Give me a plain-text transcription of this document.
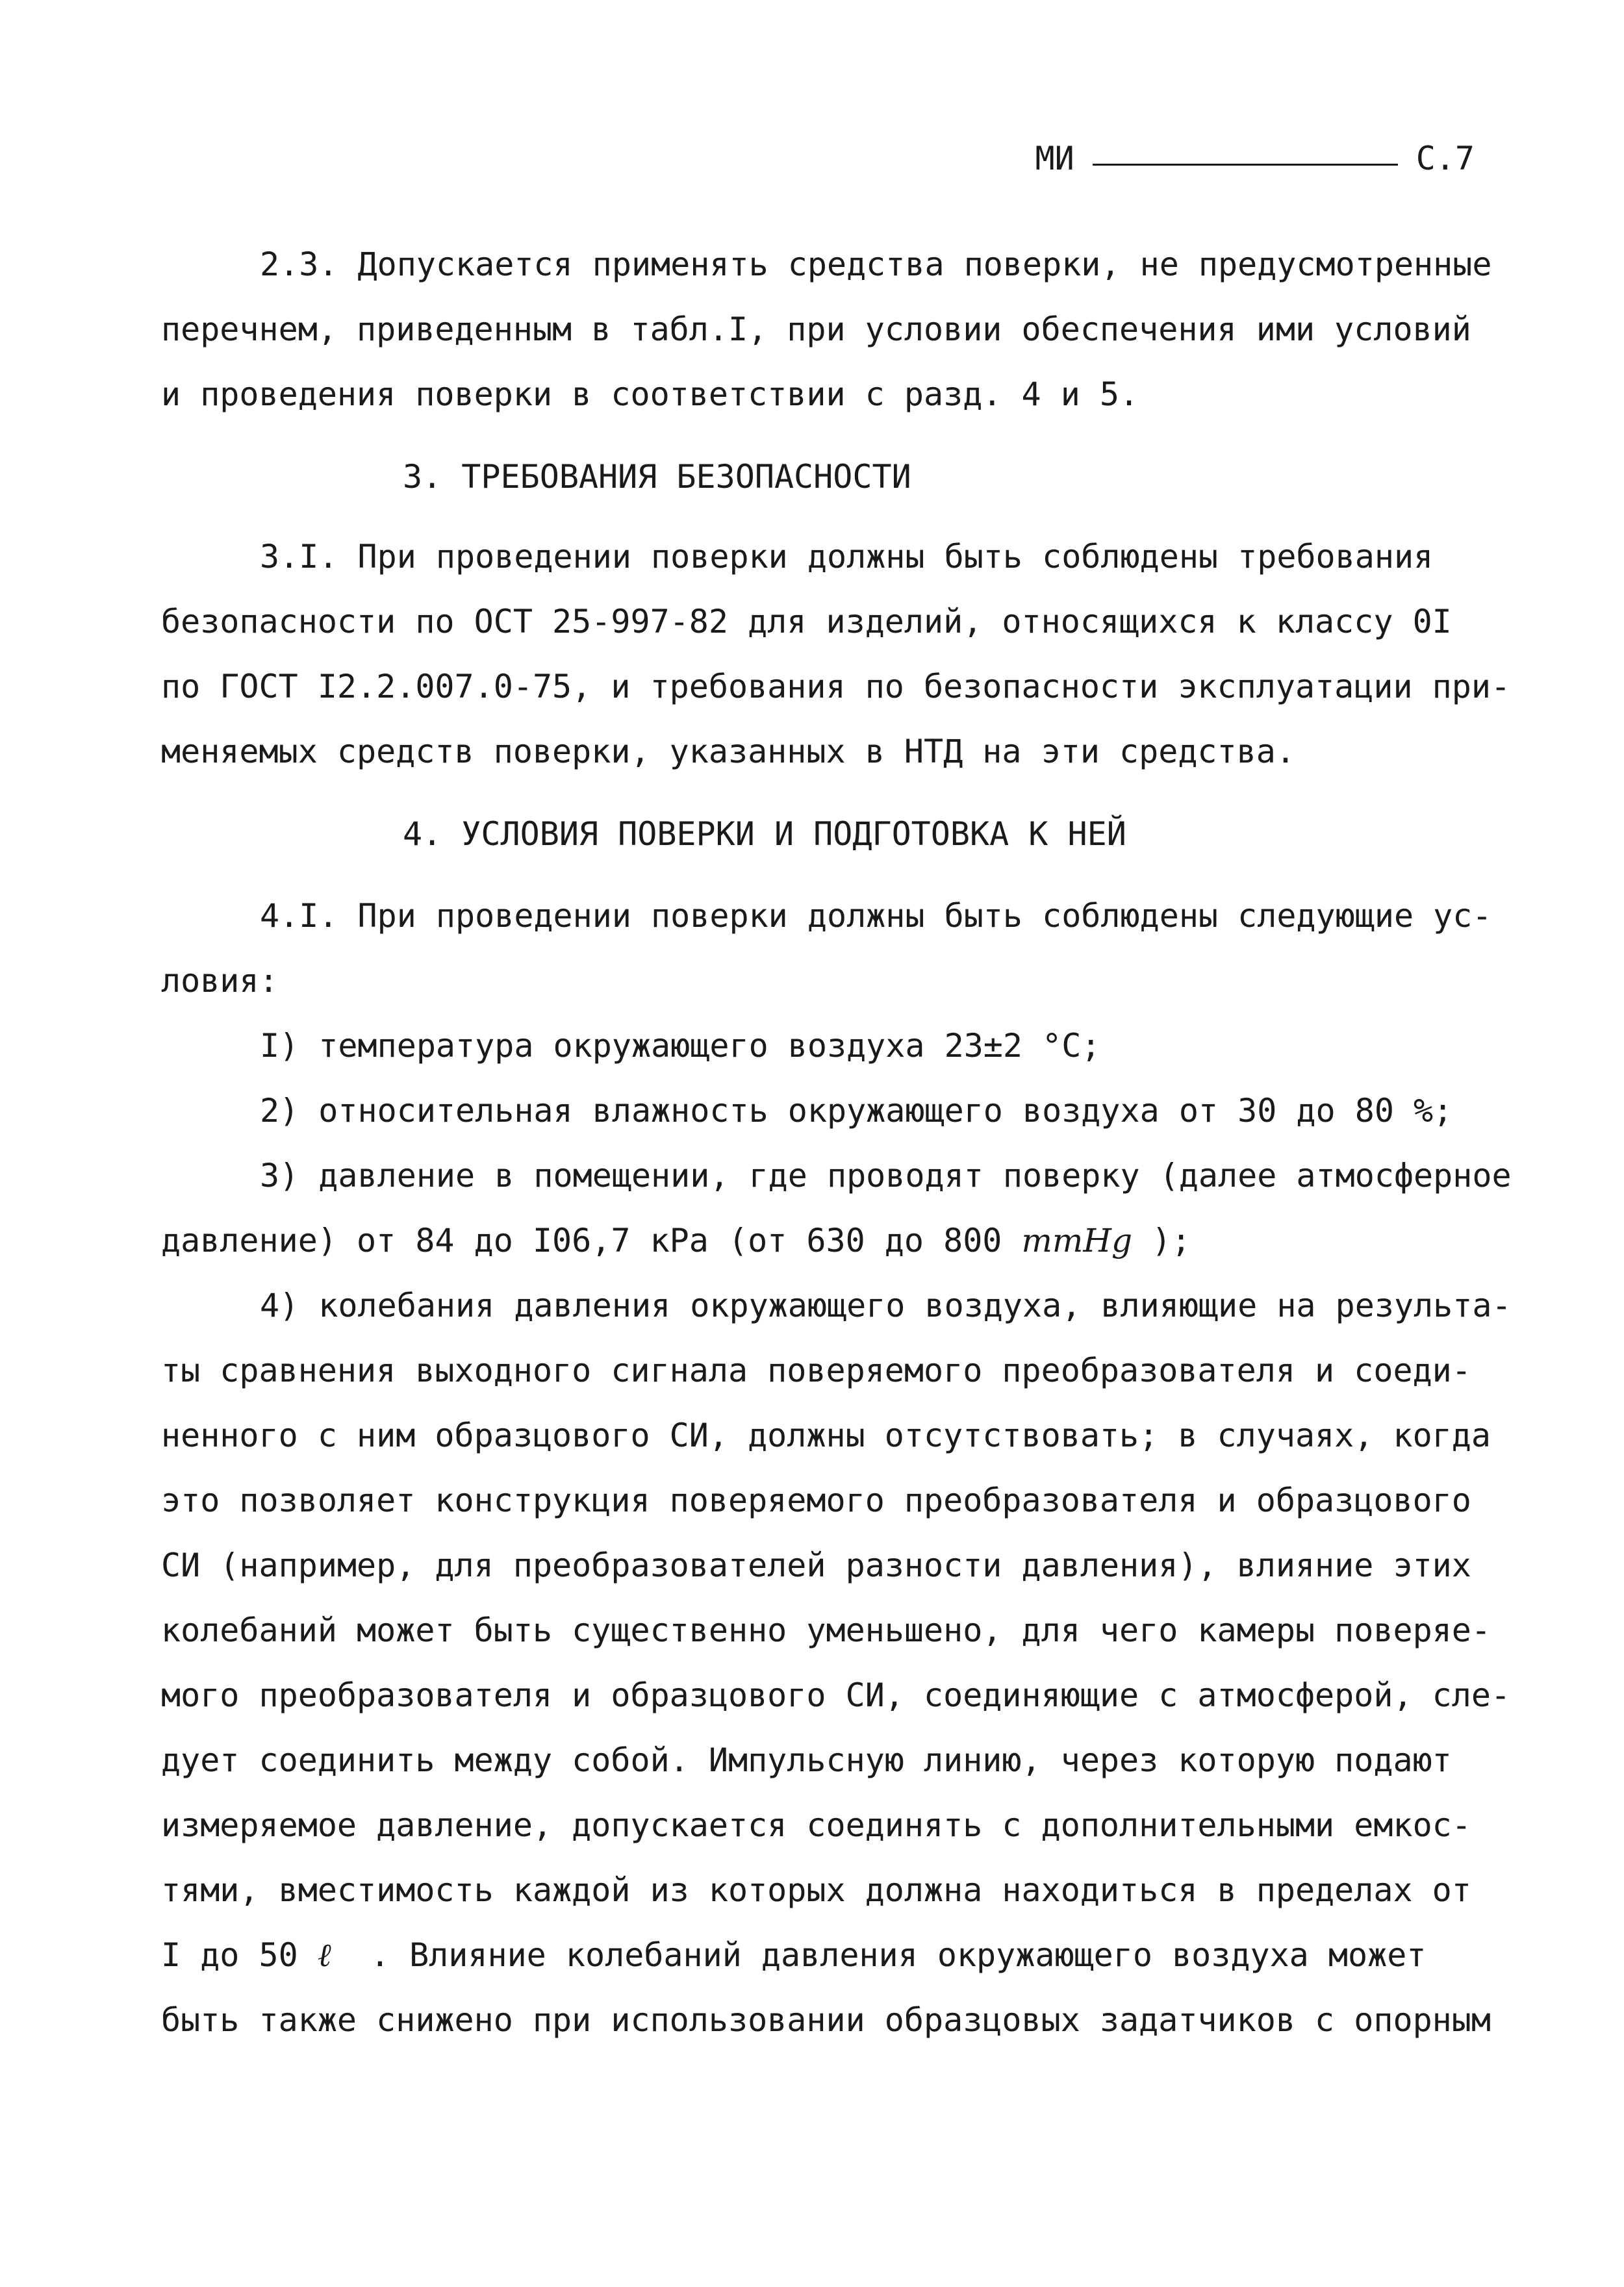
МИ	С.7
2.3. Допускается применять средства поверки, не предусмотренные
перечнем, приведенным в табл.I, при условии обеспечения ими условий
и проведения поверки в соответствии с разд. 4 и 5.
3. ТРЕБОВАНИЯ БЕЗОПАСНОСТИ
3.I. При проведении поверки должны быть соблюдены требования
безопасности по ОСТ 25-997-82 для изделий, относящихся к классу 0I
по ГОСТ I2.2.007.0-75, и требования по безопасности эксплуатации при-
меняемых средств поверки, указанных в НТД на эти средства.
4. УСЛОВИЯ ПОВЕРКИ И ПОДГОТОВКА К НЕЙ
4.I. При проведении поверки должны быть соблюдены следующие ус-
ловия:
I) температура окружающего воздуха 23±2 °С;
2) относительная влажность окружающего воздуха от 30 до 80 %;
3) давление в помещении, где проводят поверку (далее атмосферное
давление) от 84 до I06,7 кРа (от 630 до 800 mmHg );
4) колебания давления окружающего воздуха, влияющие на результа-
ты сравнения выходного сигнала поверяемого преобразователя и соеди-
ненного с ним образцового СИ, должны отсутствовать; в случаях, когда
это позволяет конструкция поверяемого преобразователя и образцового
СИ (например, для преобразователей разности давления), влияние этих
колебаний может быть существенно уменьшено, для чего камеры поверяе-
мого преобразователя и образцового СИ, соединяющие с атмосферой, сле-
дует соединить между собой. Импульсную линию, через которую подают
измеряемое давление, допускается соединять с дополнительными емкос-
тями, вместимость каждой из которых должна находиться в пределах от
I до 50 ℓ  . Влияние колебаний давления окружающего воздуха может
быть также снижено при использовании образцовых задатчиков с опорным
